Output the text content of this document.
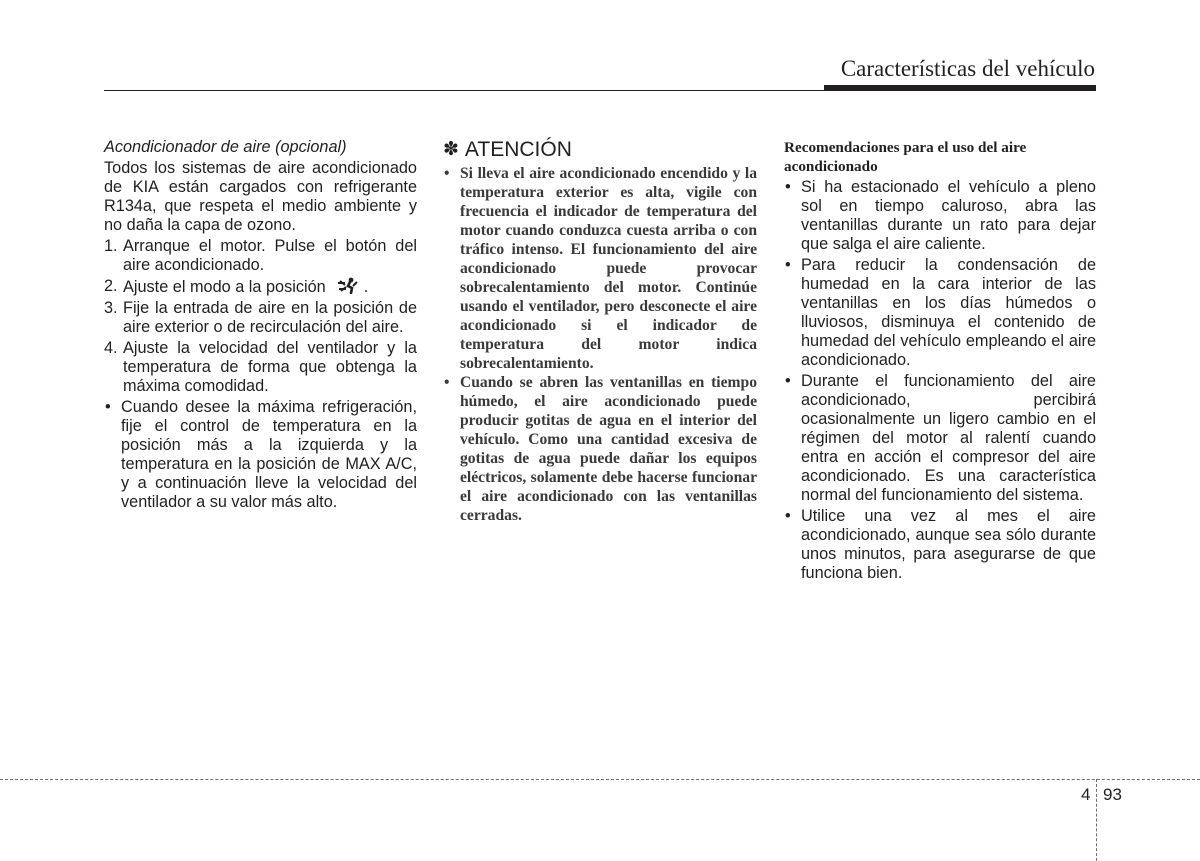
Características del vehículo

Acondicionador de aire (opcional)

Todos los sistemas de aire acondicionado de KIA están cargados con refrigerante R134a, que respeta el medio ambiente y no daña la capa de ozono.

1. Arranque el motor. Pulse el botón del aire acondicionado.
2. Ajuste el modo a la posición .
3. Fije la entrada de aire en la posición de aire exterior o de recirculación del aire.
4. Ajuste la velocidad del ventilador y la temperatura de forma que obtenga la máxima comodidad.
• Cuando desee la máxima refrigeración, fije el control de temperatura en la posición más a la izquierda y la temperatura en la posición de MAX A/C, y a continuación lleve la velocidad del ventilador a su valor más alto.
✽ ATENCIÓN
• Si lleva el aire acondicionado encendido y la temperatura exterior es alta, vigile con frecuencia el indicador de temperatura del motor cuando conduzca cuesta arriba o con tráfico intenso. El funcionamiento del aire acondicionado puede provocar sobrecalentamiento del motor. Continúe usando el ventilador, pero desconecte el aire acondicionado si el indicador de temperatura del motor indica sobrecalentamiento.
• Cuando se abren las ventanillas en tiempo húmedo, el aire acondicionado puede producir gotitas de agua en el interior del vehículo. Como una cantidad excesiva de gotitas de agua puede dañar los equipos eléctricos, solamente debe hacerse funcionar el aire acondicionado con las ventanillas cerradas.

Recomendaciones para el uso del aire acondicionado

• Si ha estacionado el vehículo a pleno sol en tiempo caluroso, abra las ventanillas durante un rato para dejar que salga el aire caliente.
• Para reducir la condensación de humedad en la cara interior de las ventanillas en los días húmedos o lluviosos, disminuya el contenido de humedad del vehículo empleando el aire acondicionado.
• Durante el funcionamiento del aire acondicionado, percibirá ocasionalmente un ligero cambio en el régimen del motor al ralentí cuando entra en acción el compresor del aire acondicionado. Es una característica normal del funcionamiento del sistema.
• Utilice una vez al mes el aire acondicionado, aunque sea sólo durante unos minutos, para asegurarse de que funciona bien.
4 93
